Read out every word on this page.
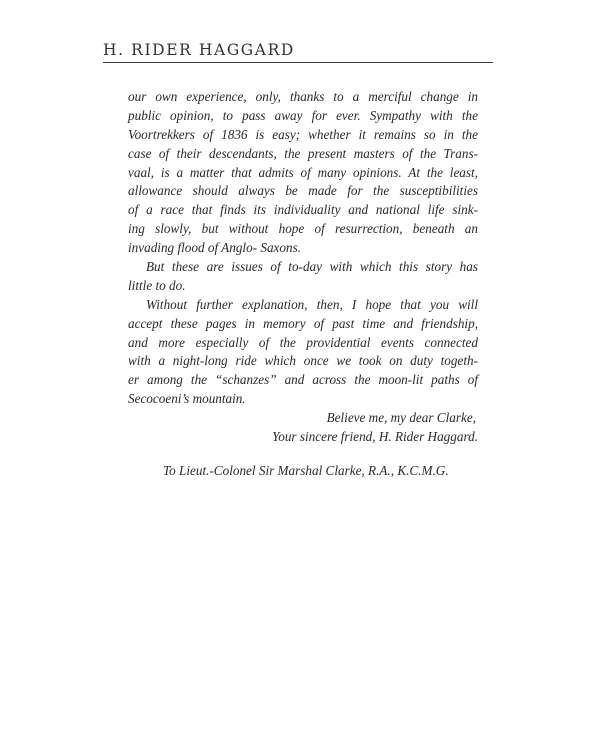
H. RIDER HAGGARD
our own experience, only, thanks to a merciful change in
public opinion, to pass away for ever. Sympathy with the
Voortrekkers of 1836 is easy; whether it remains so in the
case of their descendants, the present masters of the Trans-
vaal, is a matter that admits of many opinions. At the least,
allowance should always be made for the susceptibilities
of a race that finds its individuality and national life sink-
ing slowly, but without hope of resurrection, beneath an
invading flood of Anglo- Saxons.
But these are issues of to-day with which this story has
little to do.
Without further explanation, then, I hope that you will
accept these pages in memory of past time and friendship,
and more especially of the providential events connected
with a night-long ride which once we took on duty togeth-
er among the “schanzes” and across the moon-lit paths of
Secocoeni’s mountain.
Believe me, my dear Clarke,
Your sincere friend, H. Rider Haggard.
To Lieut.-Colonel Sir Marshal Clarke, R.A., K.C.M.G.
